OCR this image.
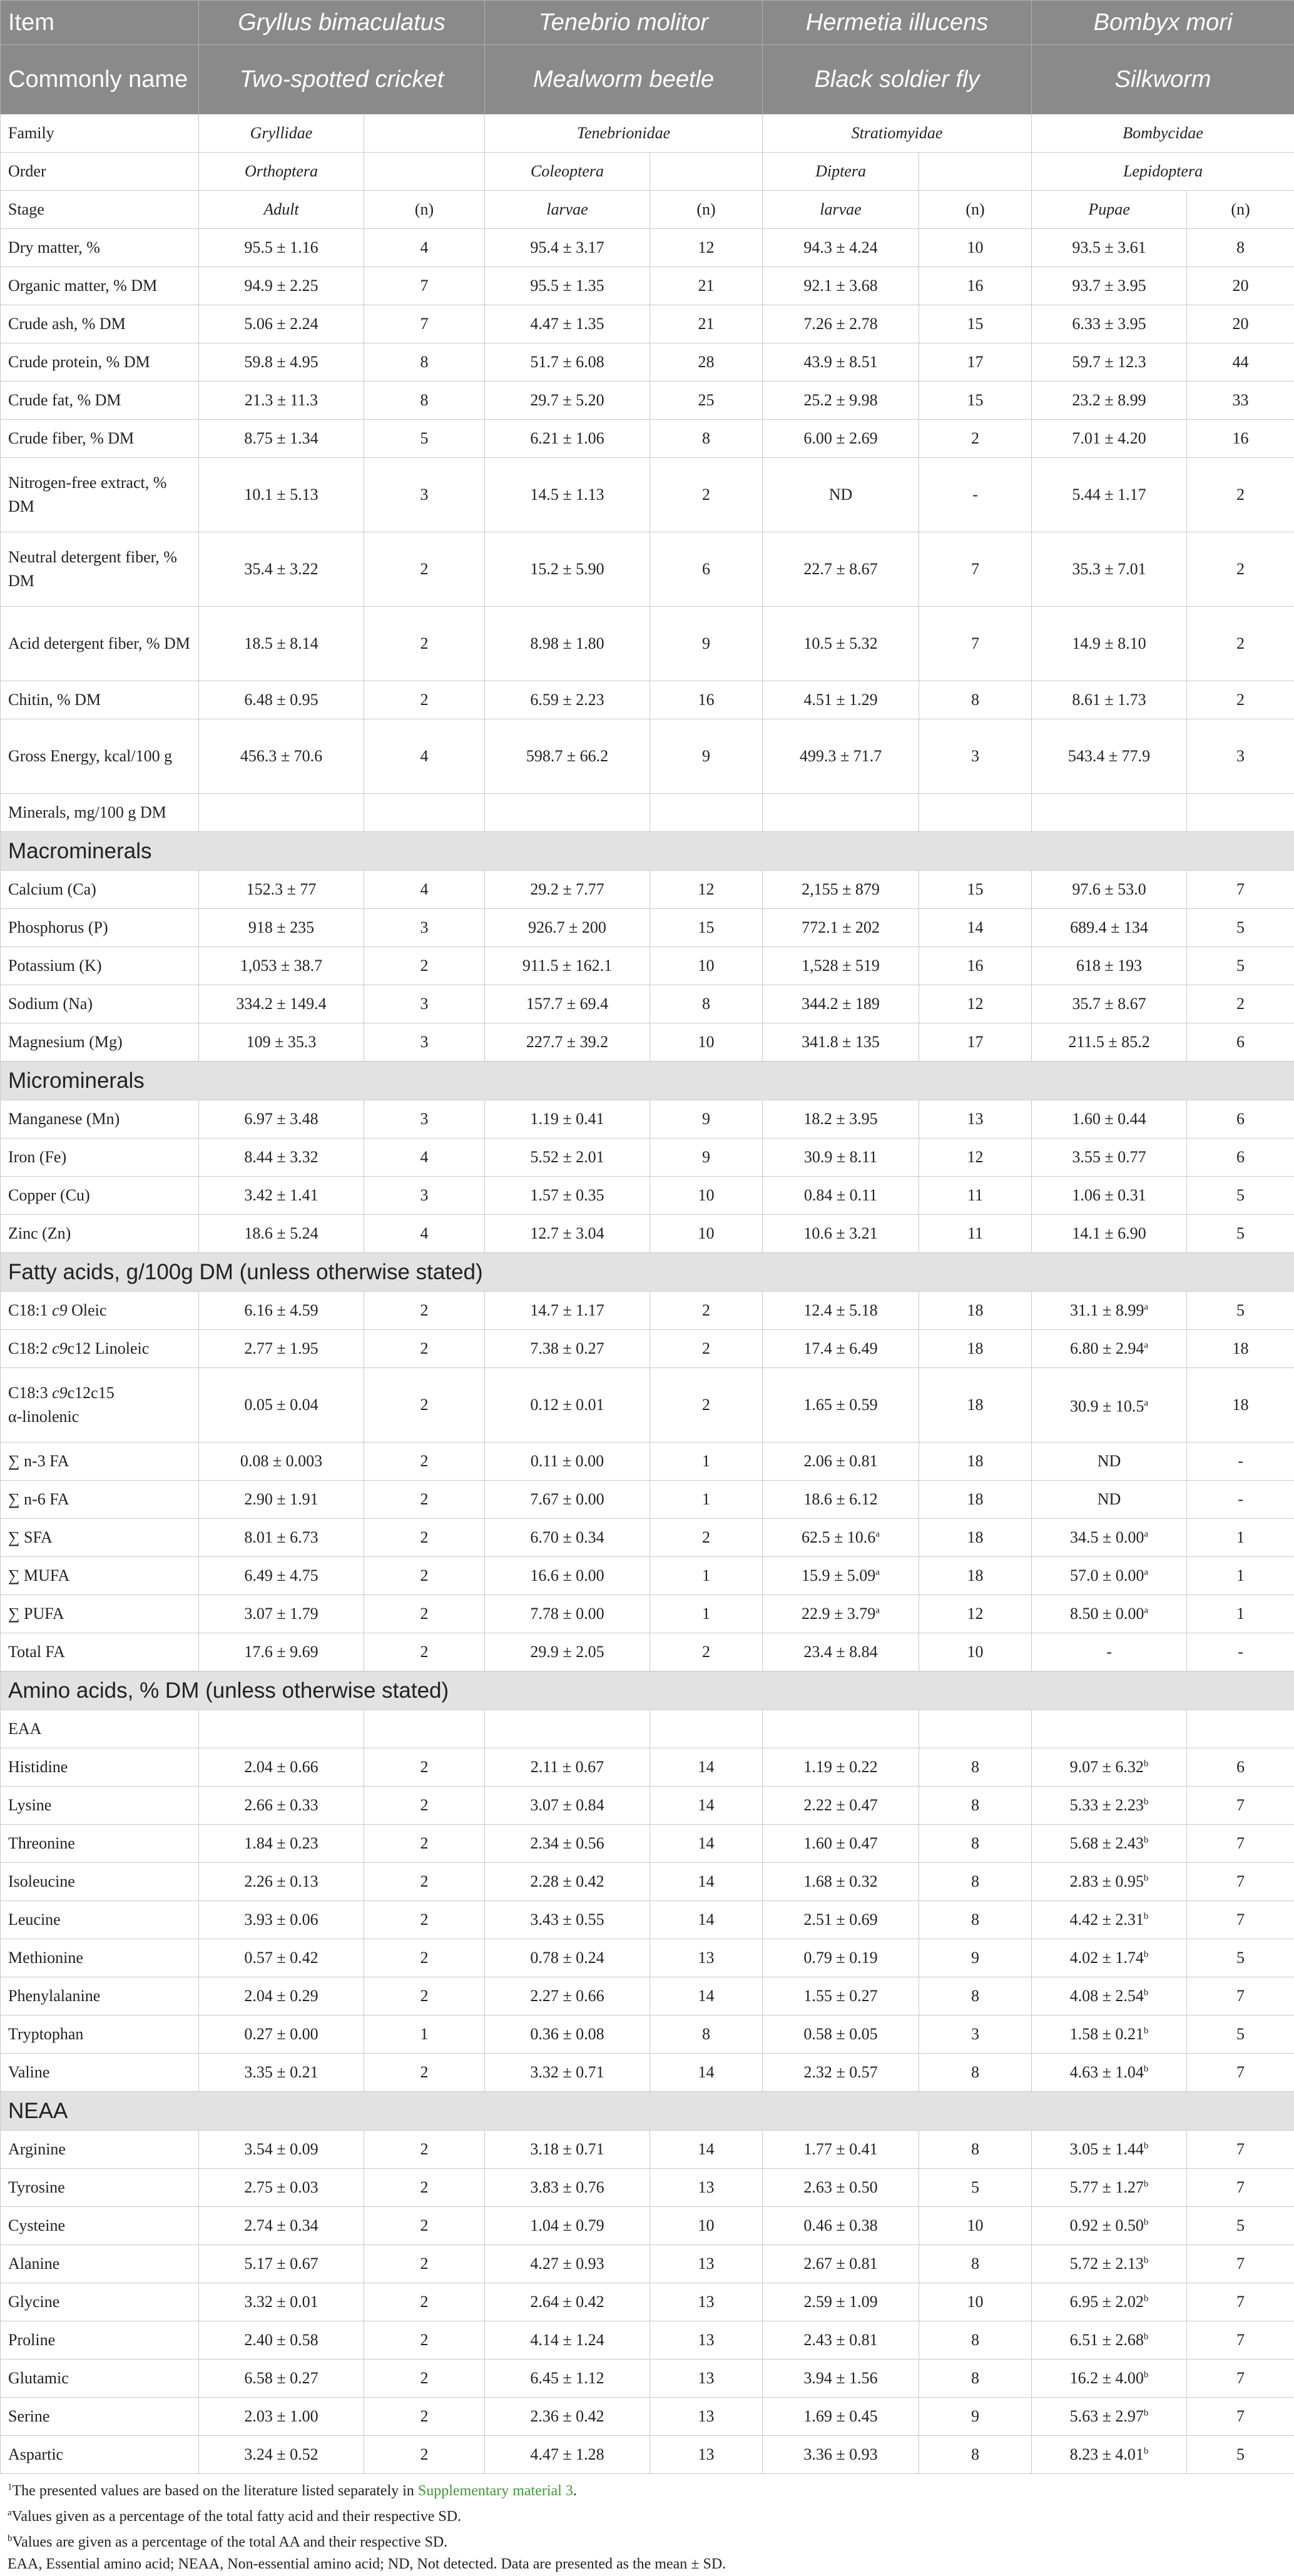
Item	Gryllus bimaculatus		Tenebrio molitor		Hermetia illucens		Bombyx mori	
Commonly name	Two-spotted cricket		Mealworm beetle		Black soldier fly		Silkworm	
Family	Gryllidae		Tenebrionidae		Stratiomyidae		Bombycidae	
Order	Orthoptera		Coleoptera		Diptera		Lepidoptera	
Stage	Adult	(n)	larvae	(n)	larvae	(n)	Pupae	(n)
Dry matter, %	95.5 ± 1.16	4	95.4 ± 3.17	12	94.3 ± 4.24	10	93.5 ± 3.61	8
Organic matter, % DM	94.9 ± 2.25	7	95.5 ± 1.35	21	92.1 ± 3.68	16	93.7 ± 3.95	20
Crude ash, % DM	5.06 ± 2.24	7	4.47 ± 1.35	21	7.26 ± 2.78	15	6.33 ± 3.95	20
Crude protein, % DM	59.8 ± 4.95	8	51.7 ± 6.08	28	43.9 ± 8.51	17	59.7 ± 12.3	44
Crude fat, % DM	21.3 ± 11.3	8	29.7 ± 5.20	25	25.2 ± 9.98	15	23.2 ± 8.99	33
Crude fiber, % DM	8.75 ± 1.34	5	6.21 ± 1.06	8	6.00 ± 2.69	2	7.01 ± 4.20	16
Nitrogen-free extract, % DM	10.1 ± 5.13	3	14.5 ± 1.13	2	ND	-	5.44 ± 1.17	2
Neutral detergent fiber, % DM	35.4 ± 3.22	2	15.2 ± 5.90	6	22.7 ± 8.67	7	35.3 ± 7.01	2
Acid detergent fiber, % DM	18.5 ± 8.14	2	8.98 ± 1.80	9	10.5 ± 5.32	7	14.9 ± 8.10	2
Chitin, % DM	6.48 ± 0.95	2	6.59 ± 2.23	16	4.51 ± 1.29	8	8.61 ± 1.73	2
Gross Energy, kcal/100 g	456.3 ± 70.6	4	598.7 ± 66.2	9	499.3 ± 71.7	3	543.4 ± 77.9	3
Minerals, mg/100 g DM								
Macrominerals								
Calcium (Ca)	152.3 ± 77	4	29.2 ± 7.77	12	2,155 ± 879	15	97.6 ± 53.0	7
Phosphorus (P)	918 ± 235	3	926.7 ± 200	15	772.1 ± 202	14	689.4 ± 134	5
Potassium (K)	1,053 ± 38.7	2	911.5 ± 162.1	10	1,528 ± 519	16	618 ± 193	5
Sodium (Na)	334.2 ± 149.4	3	157.7 ± 69.4	8	344.2 ± 189	12	35.7 ± 8.67	2
Magnesium (Mg)	109 ± 35.3	3	227.7 ± 39.2	10	341.8 ± 135	17	211.5 ± 85.2	6
Microminerals								
Manganese (Mn)	6.97 ± 3.48	3	1.19 ± 0.41	9	18.2 ± 3.95	13	1.60 ± 0.44	6
Iron (Fe)	8.44 ± 3.32	4	5.52 ± 2.01	9	30.9 ± 8.11	12	3.55 ± 0.77	6
Copper (Cu)	3.42 ± 1.41	3	1.57 ± 0.35	10	0.84 ± 0.11	11	1.06 ± 0.31	5
Zinc (Zn)	18.6 ± 5.24	4	12.7 ± 3.04	10	10.6 ± 3.21	11	14.1 ± 6.90	5
Fatty acids, g/100g DM (unless otherwise stated)								
C18:1 c9 Oleic	6.16 ± 4.59	2	14.7 ± 1.17	2	12.4 ± 5.18	18	31.1 ± 8.99$^a$	5
C18:2 c9c12 Linoleic	2.77 ± 1.95	2	7.38 ± 0.27	2	17.4 ± 6.49	18	6.80 ± 2.94$^a$	18
C18:3 c9c12c15
α-linolenic	0.05 ± 0.04	2	0.12 ± 0.01	2	1.65 ± 0.59	18	30.9 ± 10.5$^a$	18
∑ n-3 FA	0.08 ± 0.003	2	0.11 ± 0.00	1	2.06 ± 0.81	18	ND	-
∑ n-6 FA	2.90 ± 1.91	2	7.67 ± 0.00	1	18.6 ± 6.12	18	ND	-
∑ SFA	8.01 ± 6.73	2	6.70 ± 0.34	2	62.5 ± 10.6$^a$	18	34.5 ± 0.00$^a$	1
∑ MUFA	6.49 ± 4.75	2	16.6 ± 0.00	1	15.9 ± 5.09$^a$	18	57.0 ± 0.00$^a$	1
∑ PUFA	3.07 ± 1.79	2	7.78 ± 0.00	1	22.9 ± 3.79$^a$	12	8.50 ± 0.00$^a$	1
Total FA	17.6 ± 9.69	2	29.9 ± 2.05	2	23.4 ± 8.84	10	-	-
Amino acids, % DM (unless otherwise stated)								
EAA								
Histidine	2.04 ± 0.66	2	2.11 ± 0.67	14	1.19 ± 0.22	8	9.07 ± 6.32$^b$	6
Lysine	2.66 ± 0.33	2	3.07 ± 0.84	14	2.22 ± 0.47	8	5.33 ± 2.23$^b$	7
Threonine	1.84 ± 0.23	2	2.34 ± 0.56	14	1.60 ± 0.47	8	5.68 ± 2.43$^b$	7
Isoleucine	2.26 ± 0.13	2	2.28 ± 0.42	14	1.68 ± 0.32	8	2.83 ± 0.95$^b$	7
Leucine	3.93 ± 0.06	2	3.43 ± 0.55	14	2.51 ± 0.69	8	4.42 ± 2.31$^b$	7
Methionine	0.57 ± 0.42	2	0.78 ± 0.24	13	0.79 ± 0.19	9	4.02 ± 1.74$^b$	5
Phenylalanine	2.04 ± 0.29	2	2.27 ± 0.66	14	1.55 ± 0.27	8	4.08 ± 2.54$^b$	7
Tryptophan	0.27 ± 0.00	1	0.36 ± 0.08	8	0.58 ± 0.05	3	1.58 ± 0.21$^b$	5
Valine	3.35 ± 0.21	2	3.32 ± 0.71	14	2.32 ± 0.57	8	4.63 ± 1.04$^b$	7
NEAA								
Arginine	3.54 ± 0.09	2	3.18 ± 0.71	14	1.77 ± 0.41	8	3.05 ± 1.44$^b$	7
Tyrosine	2.75 ± 0.03	2	3.83 ± 0.76	13	2.63 ± 0.50	5	5.77 ± 1.27$^b$	7
Cysteine	2.74 ± 0.34	2	1.04 ± 0.79	10	0.46 ± 0.38	10	0.92 ± 0.50$^b$	5
Alanine	5.17 ± 0.67	2	4.27 ± 0.93	13	2.67 ± 0.81	8	5.72 ± 2.13$^b$	7
Glycine	3.32 ± 0.01	2	2.64 ± 0.42	13	2.59 ± 1.09	10	6.95 ± 2.02$^b$	7
Proline	2.40 ± 0.58	2	4.14 ± 1.24	13	2.43 ± 0.81	8	6.51 ± 2.68$^b$	7
Glutamic	6.58 ± 0.27	2	6.45 ± 1.12	13	3.94 ± 1.56	8	16.2 ± 4.00$^b$	7
Serine	2.03 ± 1.00	2	2.36 ± 0.42	13	1.69 ± 0.45	9	5.63 ± 2.97$^b$	7
Aspartic	3.24 ± 0.52	2	4.47 ± 1.28	13	3.36 ± 0.93	8	8.23 ± 4.01$^b$	5
$^1$The presented values are based on the literature listed separately in Supplementary material 3.
$^a$Values given as a percentage of the total fatty acid and their respective SD.
$^b$Values are given as a percentage of the total AA and their respective SD.
EAA, Essential amino acid; NEAA, Non-essential amino acid; ND, Not detected. Data are presented as the mean ± SD.
